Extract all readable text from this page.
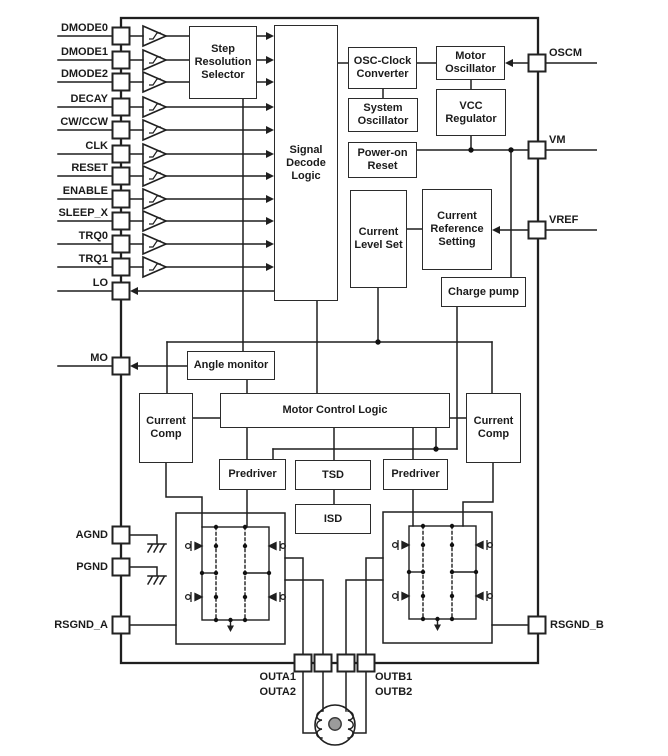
Step Resolution Selector
Signal Decode Logic
OSC-Clock Converter
System Oscillator
Motor Oscillator
VCC Regulator
Power-on Reset
Current Level Set
Current Reference Setting
Charge pump
Angle monitor
Motor Control Logic
Current Comp
Current Comp
Predriver	TSD	Predriver
ISD
DMODE0
DMODE1
DMODE2
DECAY
CW/CCW
CLK
RESET
ENABLE
SLEEP_X
TRQ0
TRQ1
LO
MO
AGND
PGND
RSGND_A
OSCM
VM
VREF
RSGND_B
OUTA1
OUTA2
OUTB1
OUTB2
